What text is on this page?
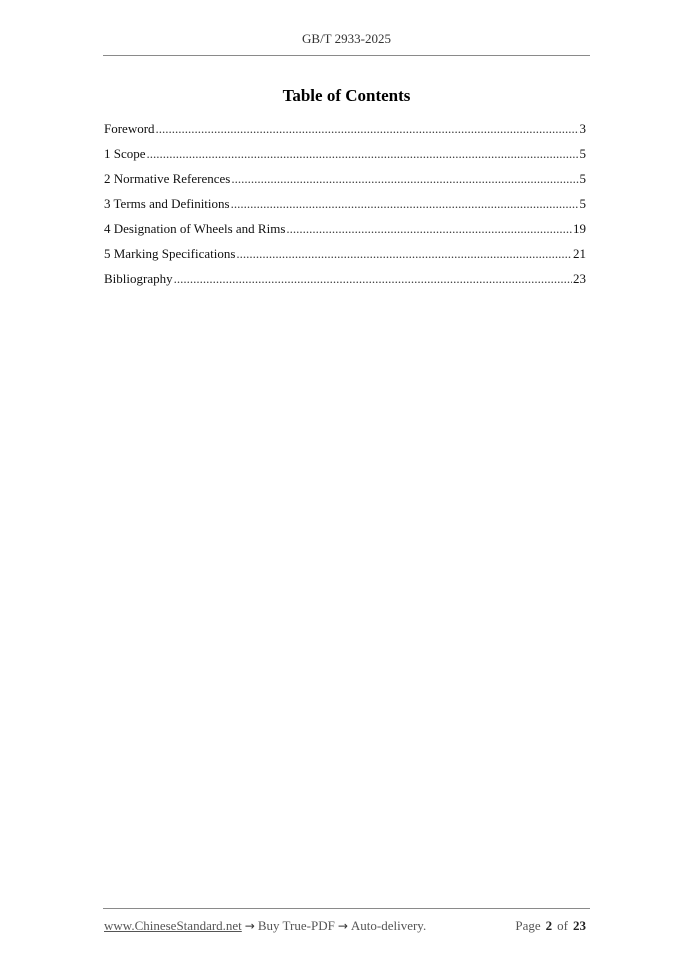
GB/T 2933-2025
Table of Contents
Foreword .....	3
1 Scope .....	5
2 Normative References .....	5
3 Terms and Definitions .....	5
4 Designation of Wheels and Rims .....	19
5 Marking Specifications .....	21
Bibliography .....	23
www.ChineseStandard.net → Buy True-PDF → Auto-delivery.	Page 2 of 23
